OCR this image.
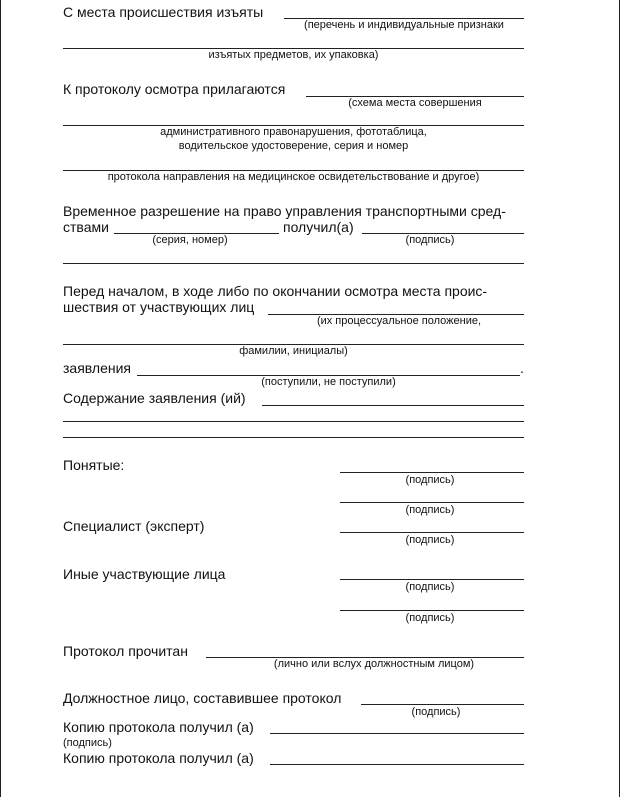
С места происшествия изъяты
(перечень и индивидуальные признаки
изъятых предметов, их упаковка)
К протоколу осмотра прилагаются
(схема места совершения
административного правонарушения, фототаблица,
водительское удостоверение, серия и номер
протокола направления на медицинское освидетельствование и другое)
Временное разрешение на право управления транспортными сред-
ствами
(серия, номер)
получил(а)
(подпись)
Перед началом, в ходе либо по окончании осмотра места проис-
шествия от участвующих лиц
(их процессуальное положение,
фамилии, инициалы)
заявления	.
(поступили, не поступили)
Содержание заявления (ий)
Понятые:
(подпись)
(подпись)
Специалист (эксперт)
(подпись)
Иные участвующие лица
(подпись)
(подпись)
Протокол прочитан
(лично или вслух должностным лицом)
Должностное лицо, составившее протокол
(подпись)
Копию протокола получил (а)
(подпись)
Копию протокола получил (а)
